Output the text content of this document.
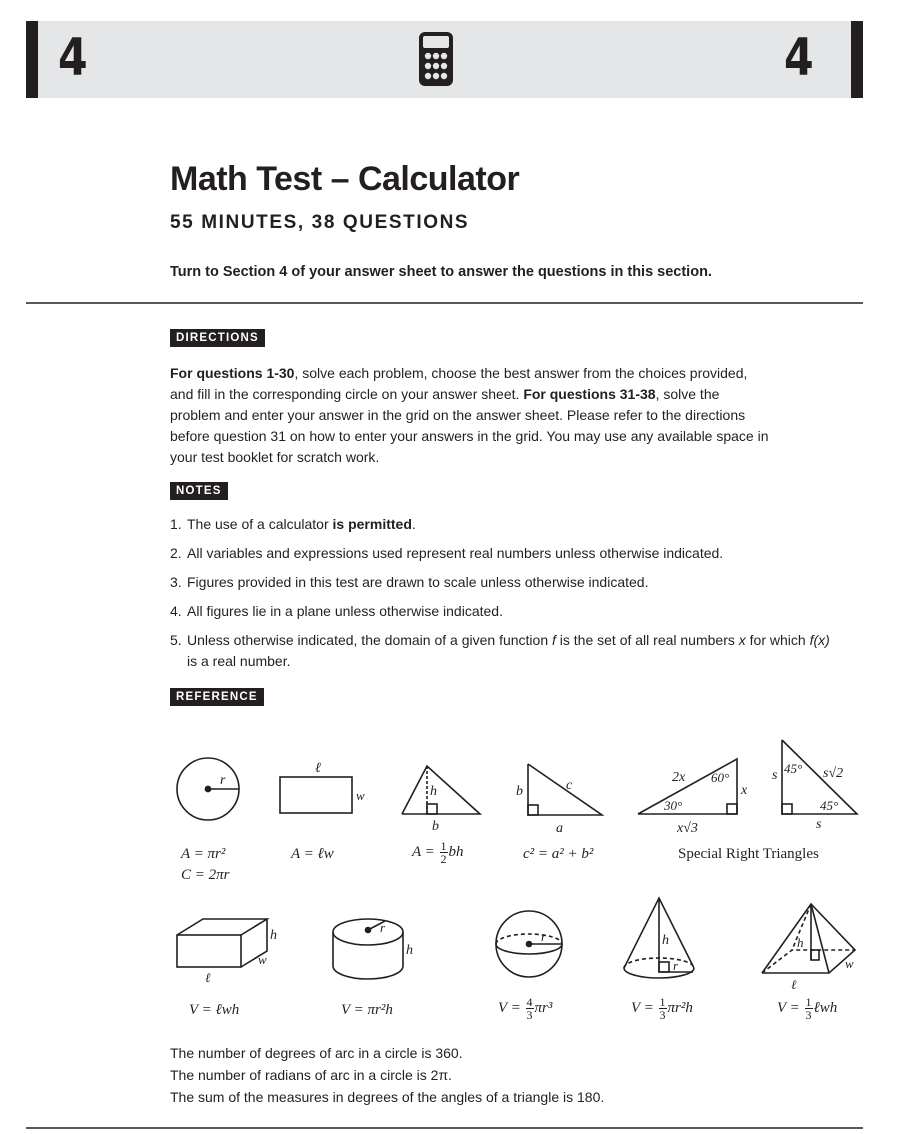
4	4
Math Test – Calculator
55 MINUTES, 38 QUESTIONS
Turn to Section 4 of your answer sheet to answer the questions in this section.
DIRECTIONS
For questions 1-30, solve each problem, choose the best answer from the choices provided, and fill in the corresponding circle on your answer sheet. For questions 31-38, solve the problem and enter your answer in the grid on the answer sheet. Please refer to the directions before question 31 on how to enter your answers in the grid. You may use any available space in your test booklet for scratch work.
NOTES
1. The use of a calculator is permitted.
2. All variables and expressions used represent real numbers unless otherwise indicated.
3. Figures provided in this test are drawn to scale unless otherwise indicated.
4. All figures lie in a plane unless otherwise indicated.
5. Unless otherwise indicated, the domain of a given function f is the set of all real numbers x for which f(x) is a real number.
REFERENCE
r
ℓ
w	h
b
b	c
a
2x 60°
x
30°
x√3
s 45° s√2
45°
s
h
w
ℓ
r
h
r	h
r
h
w
ℓ
A = πr²
C = 2πr
A = ℓw	$A = \frac{1}{2}$ bh	c² = a² + b²	Special Right Triangles
V = ℓwh	V = πr²h	$V = \frac{4}{3} \pi r^3$	$V = \frac{1}{3} \pi r^2h$	$V = \frac{1}{3}$ ℓwh
The number of degrees of arc in a circle is 360.
The number of radians of arc in a circle is 2π.
The sum of the measures in degrees of the angles of a triangle is 180.
